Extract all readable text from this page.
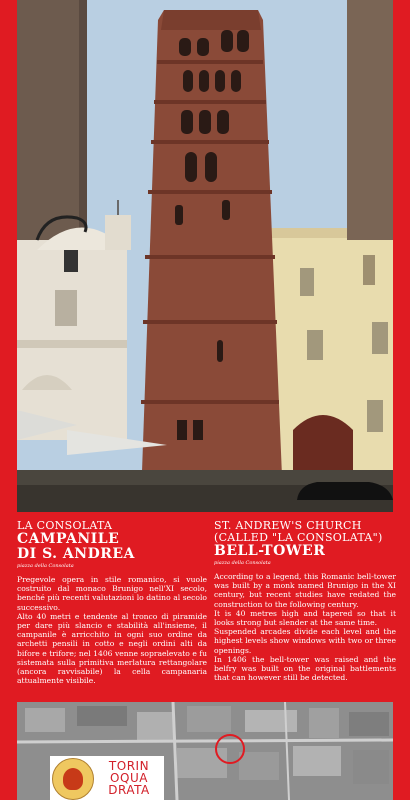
LA CONSOLATA
CAMPANILE
DI S. ANDREA
piazza della Consolata

Pregevole opera in stile romanico, si vuole costruito dal monaco Brunigo nell'XI secolo, benché più recenti valutazioni lo datino al secolo successivo.

Alto 40 metri e tendente al tronco di piramide per dare più slancio e stabilità all'insieme, il campanile è arricchito in ogni suo ordine da archetti pensili in cotto e negli ordini alti da bifore e trifore; nel 1406 venne sopraelevato e fu sistemata sulla primitiva merlatura rettangolare (ancora ravvisabile) la cella campanaria attualmente visibile.

ST. ANDREW'S CHURCH
(CALLED "LA CONSOLATA")
BELL-TOWER
piazza della Consolata

According to a legend, this Romanic bell-tower was built by a monk named Brunigo in the XI century, but recent studies have redated the construction to the following century.

It is 40 metres high and tapered so that it looks strong but slender at the same time.

Suspended arcades divide each level and the highest levels show windows with two or three openings.

In 1406 the bell-tower was raised and the belfry was built on the original battlements that can however still be detected.

TORIN
OQUA
DRATA
